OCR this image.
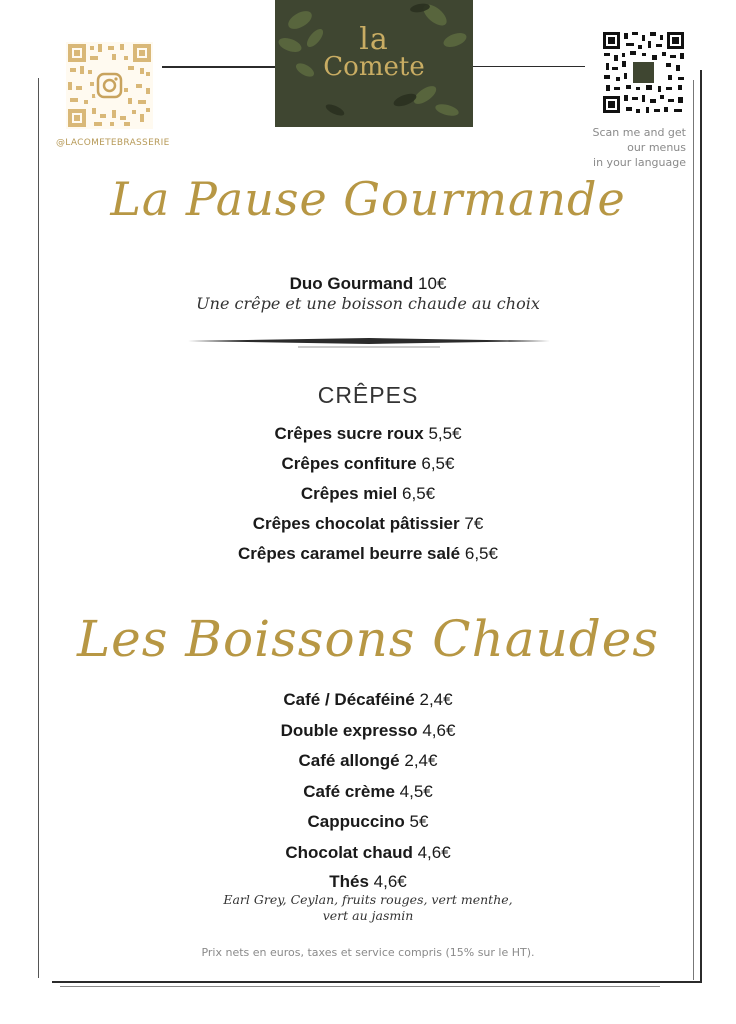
la
Comete
@LACOMETEBRASSERIE
Scan me and get
our menus
in your language
La Pause Gourmande
Duo Gourmand 10€
Une crêpe et une boisson chaude au choix
CRÊPES
Crêpes sucre roux 5,5€
Crêpes confiture 6,5€
Crêpes miel 6,5€
Crêpes chocolat pâtissier 7€
Crêpes caramel beurre salé 6,5€
Les Boissons Chaudes
Café / Décaféiné 2,4€
Double expresso 4,6€
Café allongé 2,4€
Café crème 4,5€
Cappuccino 5€
Chocolat chaud 4,6€
Thés 4,6€
Earl Grey, Ceylan, fruits rouges, vert menthe,
vert au jasmin
Prix nets en euros, taxes et service compris (15% sur le HT).
